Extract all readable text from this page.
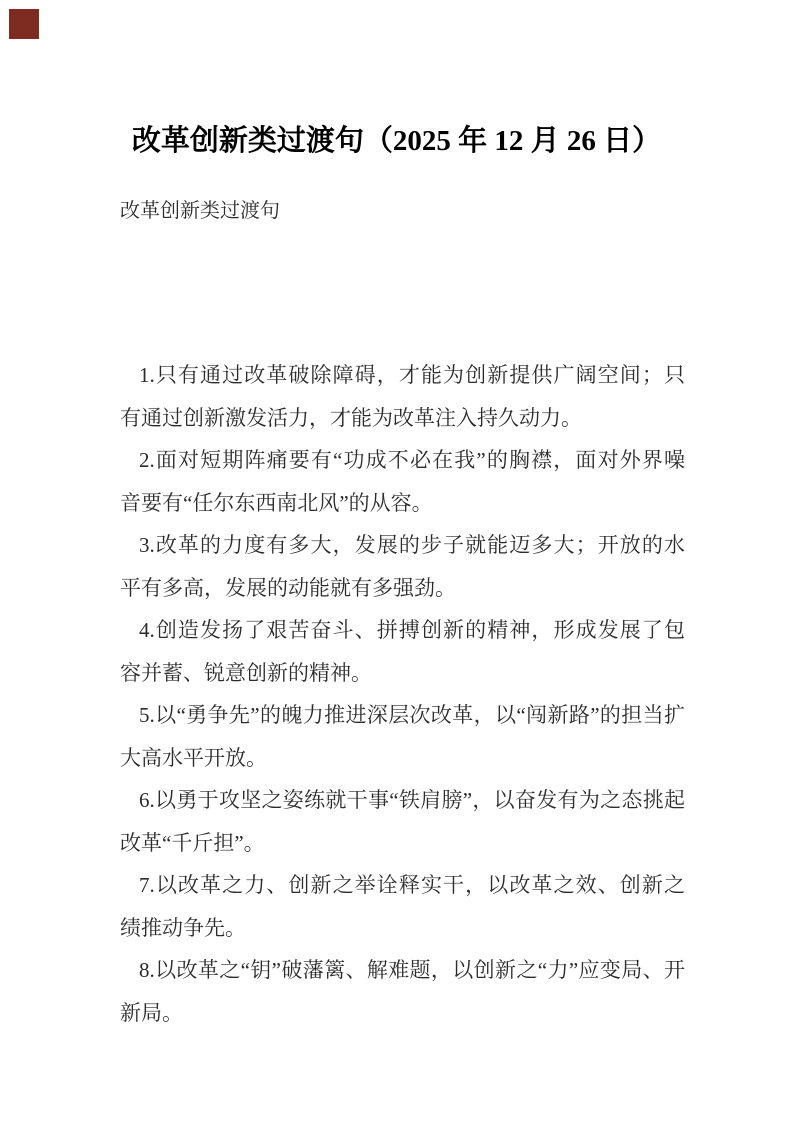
改革创新类过渡句（2025 年 12 月 26 日）
改革创新类过渡句
1.只有通过改革破除障碍，才能为创新提供广阔空间；只
有通过创新激发活力，才能为改革注入持久动力。
2.面对短期阵痛要有“功成不必在我”的胸襟，面对外界噪
音要有“任尔东西南北风”的从容。
3.改革的力度有多大，发展的步子就能迈多大；开放的水
平有多高，发展的动能就有多强劲。
4.创造发扬了艰苦奋斗、拼搏创新的精神，形成发展了包
容并蓄、锐意创新的精神。
5.以“勇争先”的魄力推进深层次改革，以“闯新路”的担当扩
大高水平开放。
6.以勇于攻坚之姿练就干事“铁肩膀”，以奋发有为之态挑起
改革“千斤担”。
7.以改革之力、创新之举诠释实干，以改革之效、创新之
绩推动争先。
8.以改革之“钥”破藩篱、解难题，以创新之“力”应变局、开
新局。
